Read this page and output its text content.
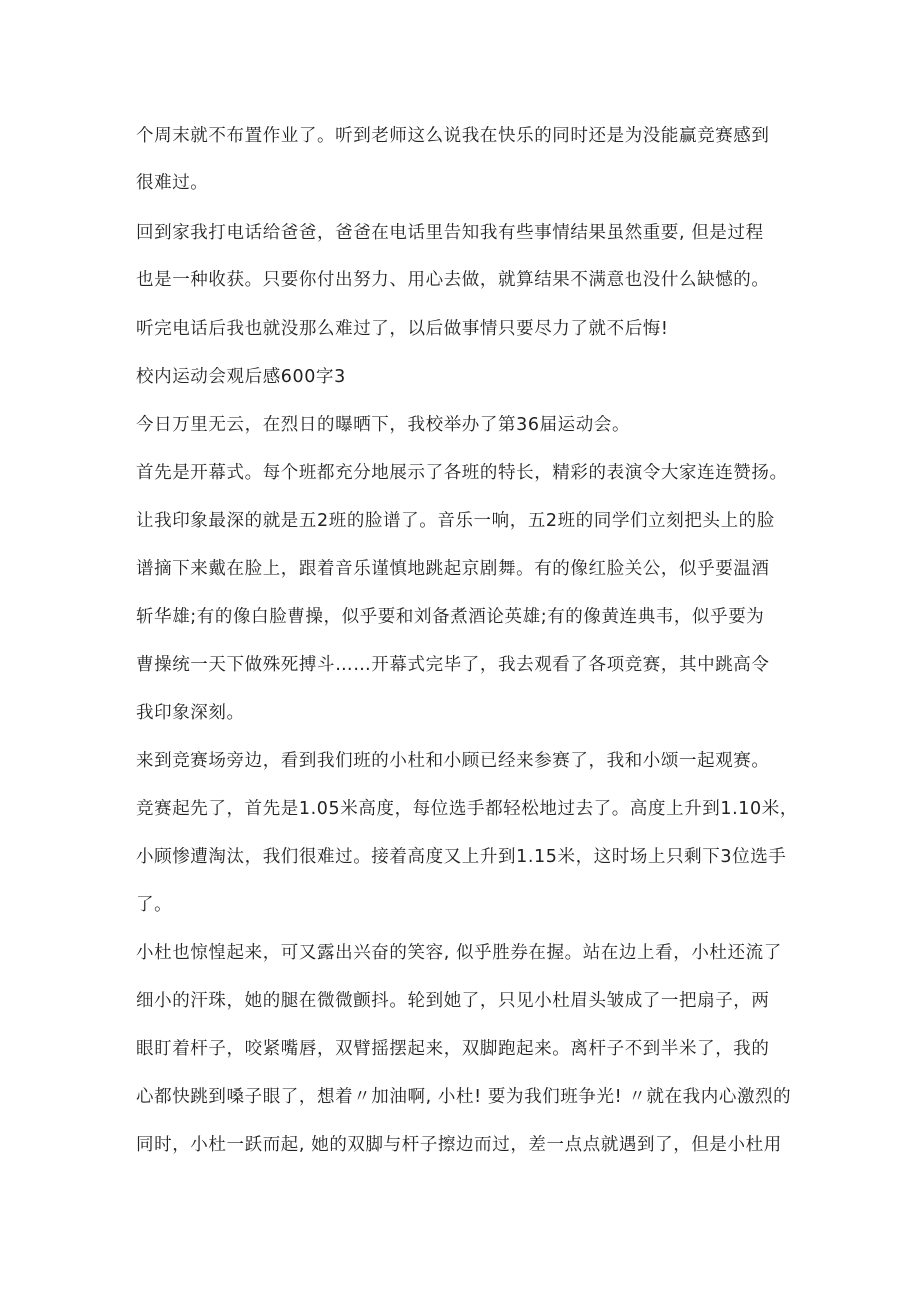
个周末就不布置作业了。听到老师这么说我在快乐的同时还是为没能赢竞赛感到
很难过。
回到家我打电话给爸爸，爸爸在电话里告知我有些事情结果虽然重要, 但是过程
也是一种收获。只要你付出努力、用心去做，就算结果不满意也没什么缺憾的。
听完电话后我也就没那么难过了，以后做事情只要尽力了就不后悔!
校内运动会观后感600字3
今日万里无云，在烈日的曝晒下，我校举办了第36届运动会。
首先是开幕式。每个班都充分地展示了各班的特长，精彩的表演令大家连连赞扬。
让我印象最深的就是五2班的脸谱了。音乐一响，五2班的同学们立刻把头上的脸
谱摘下来戴在脸上，跟着音乐谨慎地跳起京剧舞。有的像红脸关公，似乎要温酒
斩华雄;有的像白脸曹操，似乎要和刘备煮酒论英雄;有的像黄连典韦，似乎要为
曹操统一天下做殊死搏斗……开幕式完毕了，我去观看了各项竞赛，其中跳高令
我印象深刻。
来到竞赛场旁边，看到我们班的小杜和小顾已经来参赛了，我和小颂一起观赛。
竞赛起先了，首先是1.05米高度，每位选手都轻松地过去了。高度上升到1.10米，
小顾惨遭淘汰，我们很难过。接着高度又上升到1.15米，这时场上只剩下3位选手
了。
小杜也惊惶起来，可又露出兴奋的笑容, 似乎胜券在握。站在边上看，小杜还流了
细小的汗珠，她的腿在微微颤抖。轮到她了，只见小杜眉头皱成了一把扇子，两
眼盯着杆子，咬紧嘴唇，双臂摇摆起来，双脚跑起来。离杆子不到半米了，我的
心都快跳到嗓子眼了，想着〃加油啊, 小杜! 要为我们班争光! 〃就在我内心激烈的
同时，小杜一跃而起, 她的双脚与杆子擦边而过，差一点点就遇到了，但是小杜用
